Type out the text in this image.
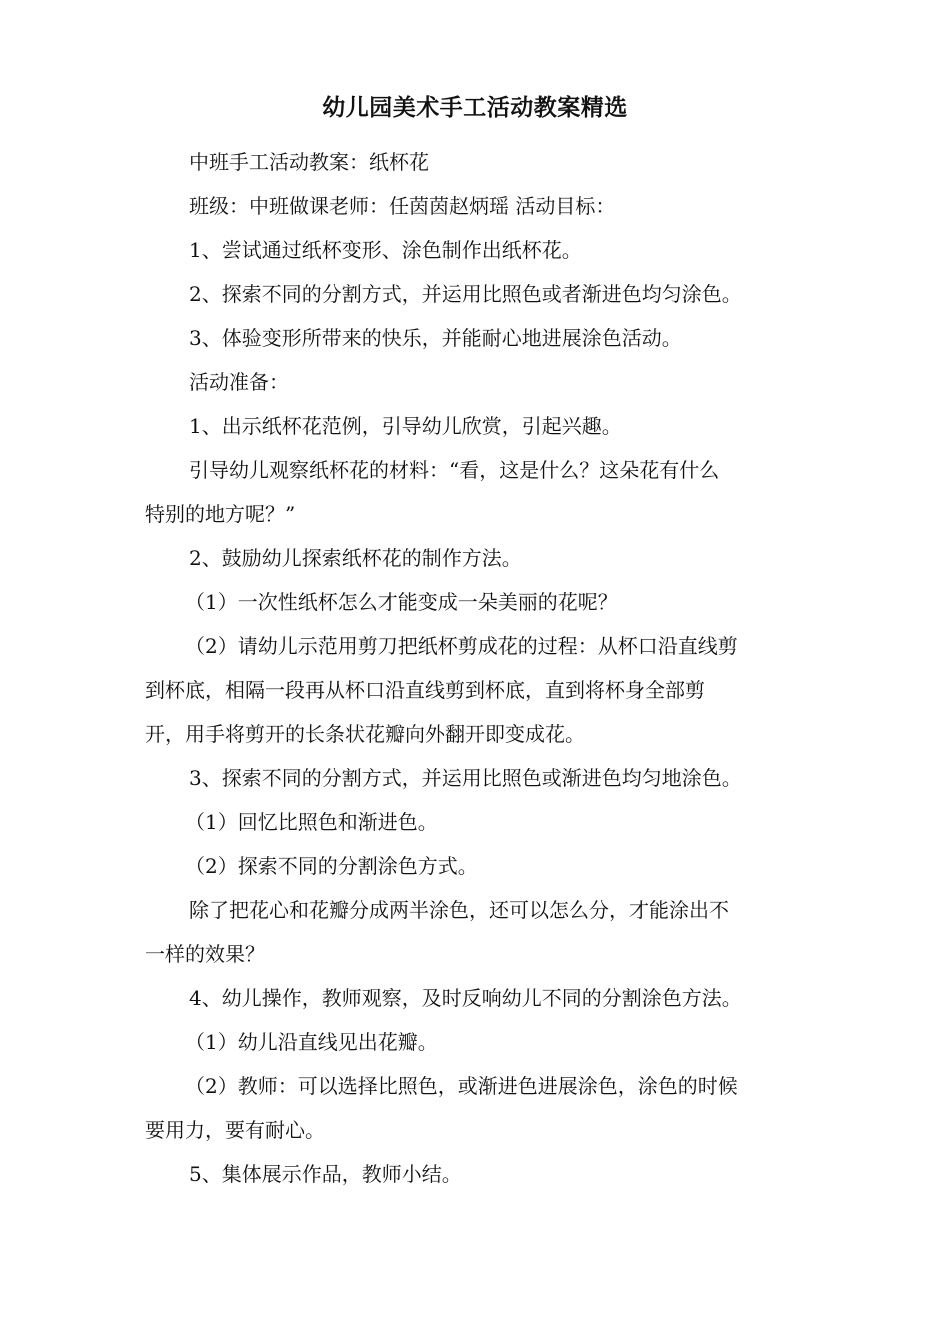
幼儿园美术手工活动教案精选

中班手工活动教案：纸杯花

班级：中班做课老师：任茵茵赵炳瑶 活动目标：

1、尝试通过纸杯变形、涂色制作出纸杯花。

2、探索不同的分割方式，并运用比照色或者渐进色均匀涂色。

3、体验变形所带来的快乐，并能耐心地进展涂色活动。

活动准备：

1、出示纸杯花范例，引导幼儿欣赏，引起兴趣。

引导幼儿观察纸杯花的材料：“看，这是什么？这朵花有什么

特别的地方呢？”

2、鼓励幼儿探索纸杯花的制作方法。

（1）一次性纸杯怎么才能变成一朵美丽的花呢？

（2）请幼儿示范用剪刀把纸杯剪成花的过程：从杯口沿直线剪

到杯底，相隔一段再从杯口沿直线剪到杯底，直到将杯身全部剪

开，用手将剪开的长条状花瓣向外翻开即变成花。

3、探索不同的分割方式，并运用比照色或渐进色均匀地涂色。

（1）回忆比照色和渐进色。

（2）探索不同的分割涂色方式。

除了把花心和花瓣分成两半涂色，还可以怎么分，才能涂出不

一样的效果？

4、幼儿操作，教师观察，及时反响幼儿不同的分割涂色方法。

（1）幼儿沿直线见出花瓣。

（2）教师：可以选择比照色，或渐进色进展涂色，涂色的时候

要用力，要有耐心。

5、集体展示作品，教师小结。
